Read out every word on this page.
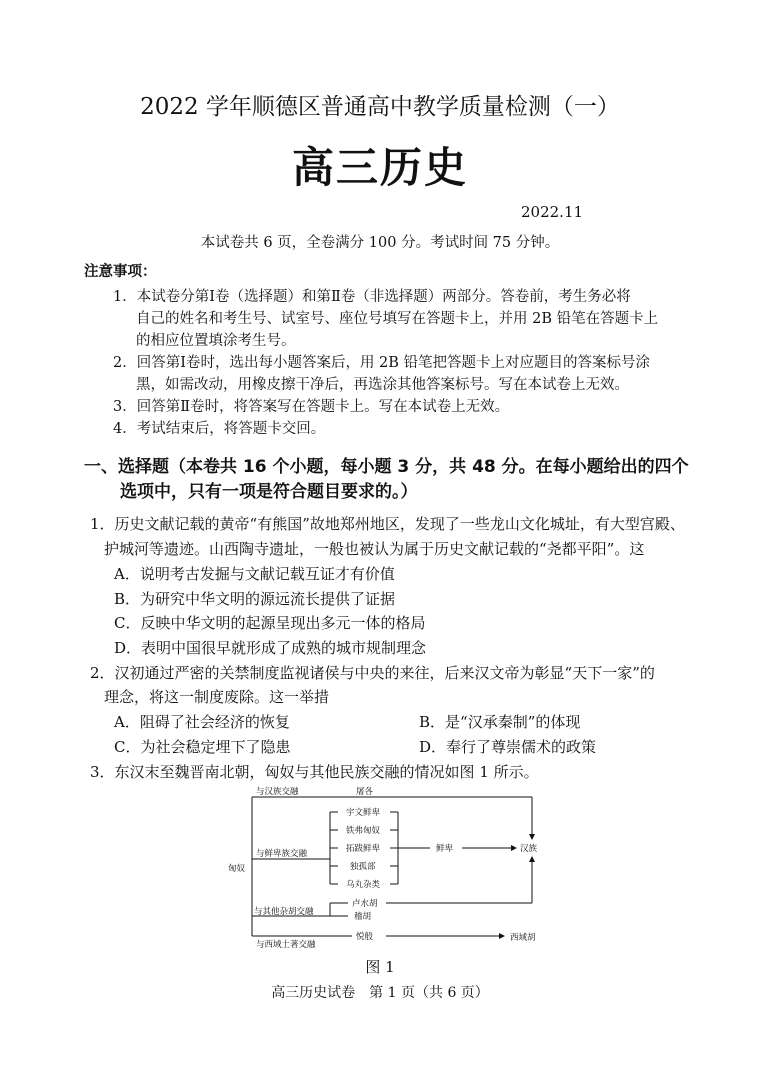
2022 学年顺德区普通高中教学质量检测（一）
高三历史
2022.11
本试卷共 6 页，全卷满分 100 分。考试时间 75 分钟。
注意事项：
1．本试卷分第Ⅰ卷（选择题）和第Ⅱ卷（非选择题）两部分。答卷前，考生务必将
自己的姓名和考生号、试室号、座位号填写在答题卡上，并用 2B 铅笔在答题卡上
的相应位置填涂考生号。
2．回答第Ⅰ卷时，选出每小题答案后，用 2B 铅笔把答题卡上对应题目的答案标号涂
黑，如需改动，用橡皮擦干净后，再选涂其他答案标号。写在本试卷上无效。
3．回答第Ⅱ卷时，将答案写在答题卡上。写在本试卷上无效。
4．考试结束后，将答题卡交回。
一、选择题（本卷共 16 个小题，每小题 3 分，共 48 分。在每小题给出的四个
选项中，只有一项是符合题目要求的。）
1．历史文献记载的黄帝“有熊国”故地郑州地区，发现了一些龙山文化城址，有大型宫殿、
护城河等遗迹。山西陶寺遗址，一般也被认为属于历史文献记载的“尧都平阳”。这
A．说明考古发掘与文献记载互证才有价值
B．为研究中华文明的源远流长提供了证据
C．反映中华文明的起源呈现出多元一体的格局
D．表明中国很早就形成了成熟的城市规制理念
2．汉初通过严密的关禁制度监视诸侯与中央的来往，后来汉文帝为彰显“天下一家”的
理念，将这一制度废除。这一举措
A．阻碍了社会经济的恢复	B．是“汉承秦制”的体现
C．为社会稳定埋下了隐患	D．奉行了尊崇儒术的政策
3．东汉末至魏晋南北朝，匈奴与其他民族交融的情况如图 1 所示。
与汉族交融
与鲜卑族交融
与其他杂胡交融
与西域土著交融
匈奴
屠各
宇文鲜卑
铁弗匈奴
拓跋鲜卑
独孤部
乌丸杂类
卢水胡
稽胡
悦般
鲜卑	汉族
西域胡
图 1
高三历史试卷　第 1 页（共 6 页）
